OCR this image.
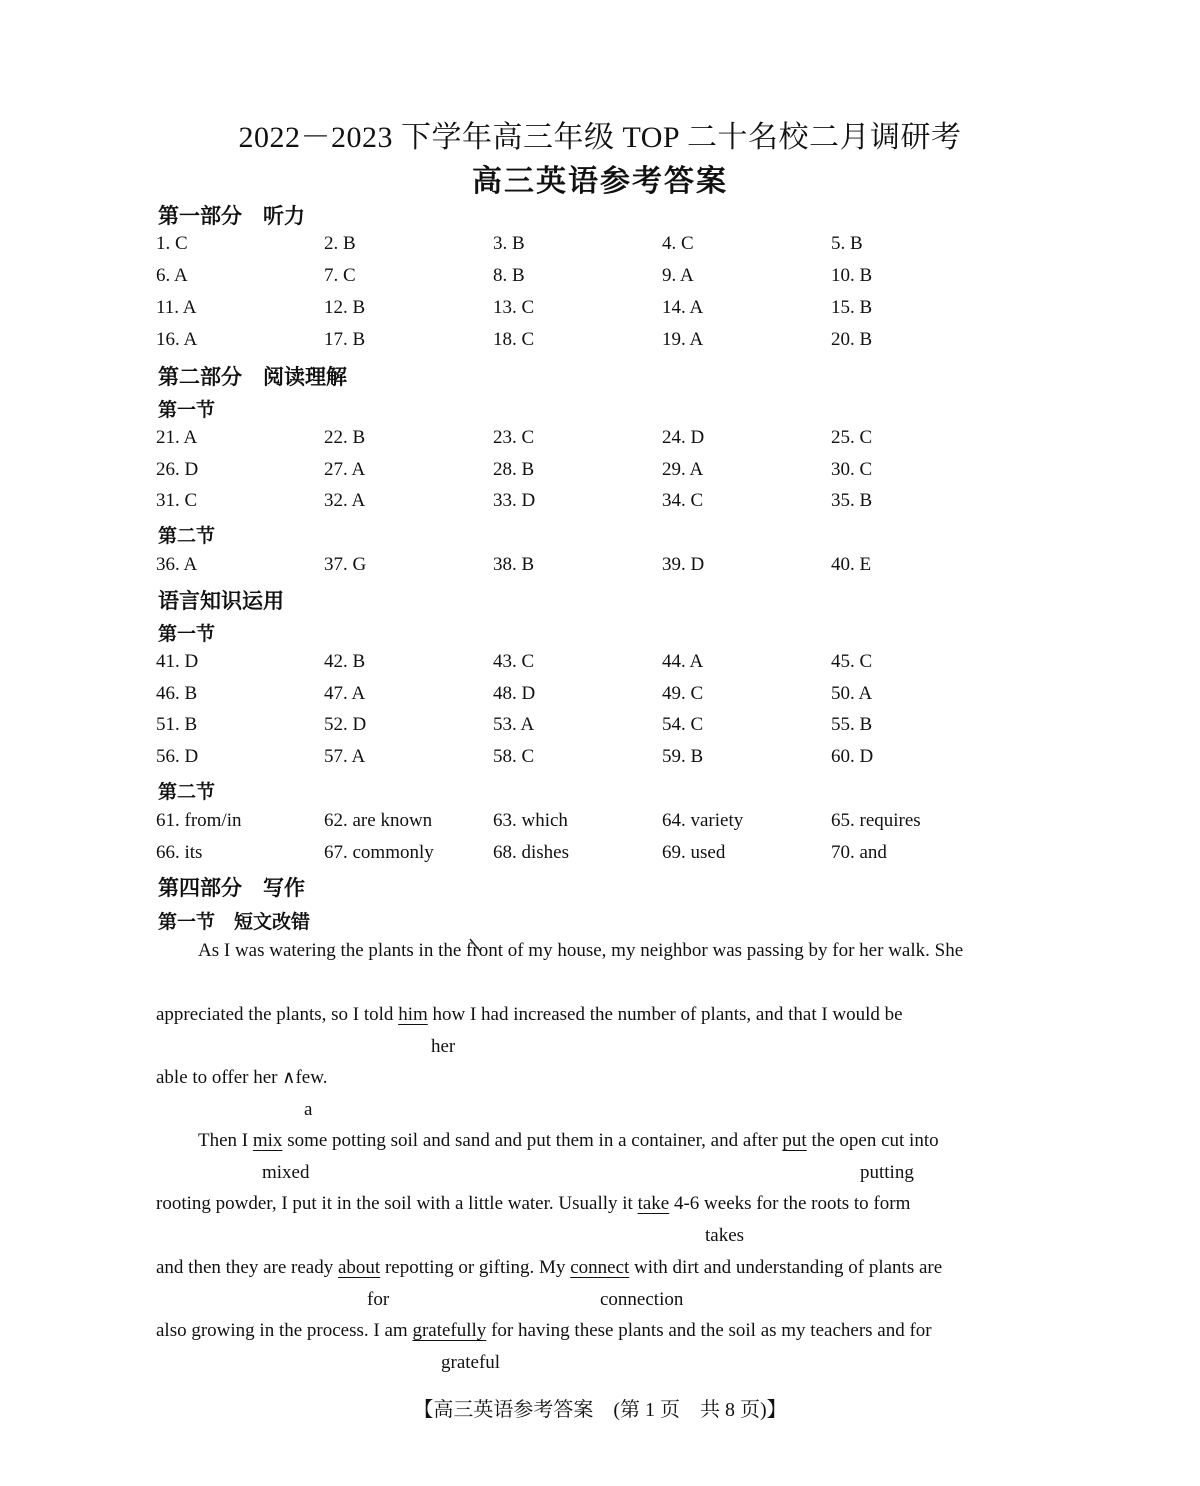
2022－2023 下学年高三年级 TOP 二十名校二月调研考
高三英语参考答案
第一部分　听力
1. C	2. B	3. B	4. C	5. B
6. A	7. C	8. B	9. A	10. B
11. A	12. B	13. C	14. A	15. B
16. A	17. B	18. C	19. A	20. B
第二部分　阅读理解
第一节
21. A	22. B	23. C	24. D	25. C
26. D	27. A	28. B	29. A	30. C
31. C	32. A	33. D	34. C	35. B
第二节
36. A	37. G	38. B	39. D	40. E
语言知识运用
第一节
41. D	42. B	43. C	44. A	45. C
46. B	47. A	48. D	49. C	50. A
51. B	52. D	53. A	54. C	55. B
56. D	57. A	58. C	59. B	60. D
第二节
61. from/in	62. are known	63. which	64. variety	65. requires
66. its	67. commonly	68. dishes	69. used	70. and
第四部分　写作
第一节　短文改错
As I was watering the plants in the front of my house, my neighbor was passing by for her walk. She
appreciated the plants, so I told him how I had increased the number of plants, and that I would be
her
able to offer her ∧few.
a
Then I mix some potting soil and sand and put them in a container, and after put the open cut into
mixed	putting
rooting powder, I put it in the soil with a little water. Usually it take 4-6 weeks for the roots to form
takes
and then they are ready about repotting or gifting. My connect with dirt and understanding of plants are
for	connection
also growing in the process. I am gratefully for having these plants and the soil as my teachers and for
grateful
【高三英语参考答案　(第 1 页　共 8 页)】
